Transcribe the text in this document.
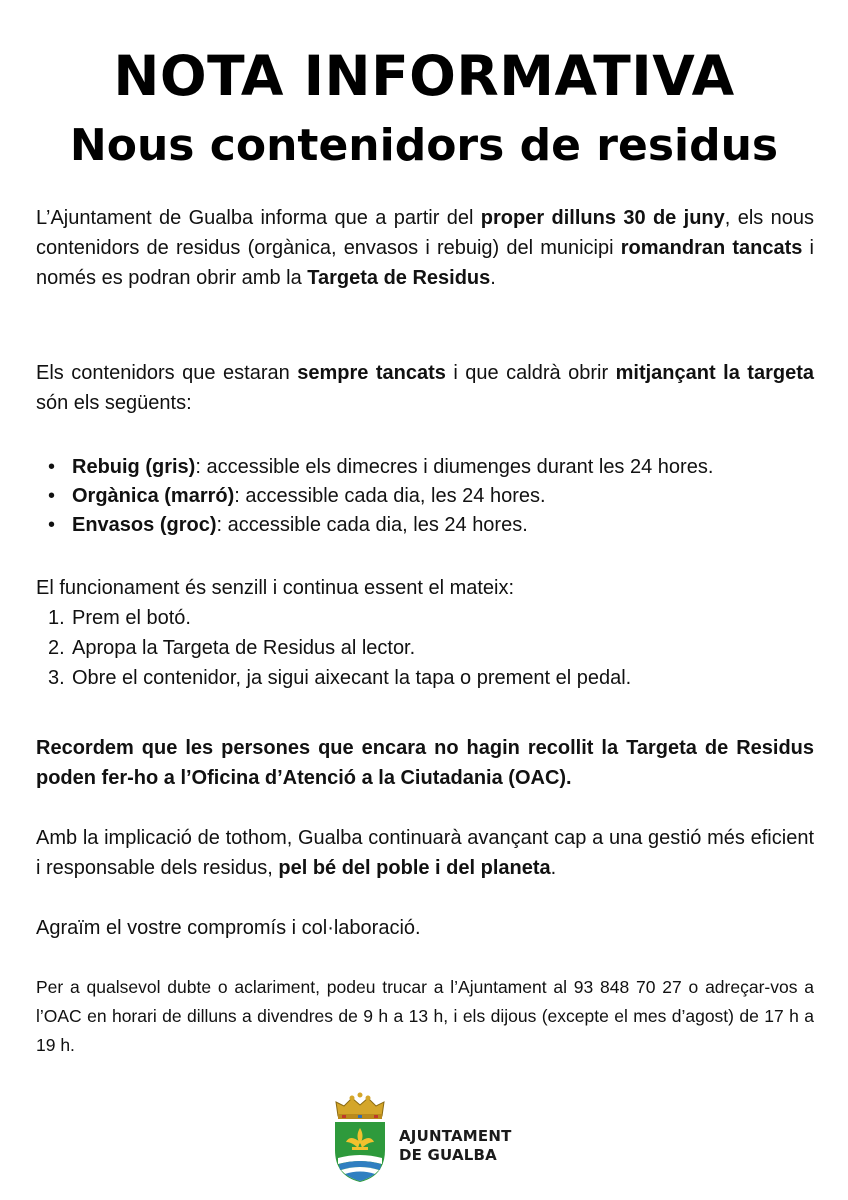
NOTA INFORMATIVA
Nous contenidors de residus
L’Ajuntament de Gualba informa que a partir del proper dilluns 30 de juny, els nous contenidors de residus (orgànica, envasos i rebuig) del municipi romandran tancats i només es podran obrir amb la Targeta de Residus.
Els contenidors que estaran sempre tancats i que caldrà obrir mitjançant la targeta són els següents:
• Rebuig (gris): accessible els dimecres i diumenges durant les 24 hores.
• Orgànica (marró): accessible cada dia, les 24 hores.
• Envasos (groc): accessible cada dia, les 24 hores.
El funcionament és senzill i continua essent el mateix:
1. Prem el botó.
2. Apropa la Targeta de Residus al lector.
3. Obre el contenidor, ja sigui aixecant la tapa o prement el pedal.
Recordem que les persones que encara no hagin recollit la Targeta de Residus poden fer-ho a l’Oficina d’Atenció a la Ciutadania (OAC).
Amb la implicació de tothom, Gualba continuarà avançant cap a una gestió més eficient i responsable dels residus, pel bé del poble i del planeta.
Agraïm el vostre compromís i col·laboració.
Per a qualsevol dubte o aclariment, podeu trucar a l’Ajuntament al 93 848 70 27 o adreçar-vos a l’OAC en horari de dilluns a divendres de 9 h a 13 h, i els dijous (excepte el mes d’agost) de 17 h a 19 h.
AJUNTAMENT
DE GUALBA
